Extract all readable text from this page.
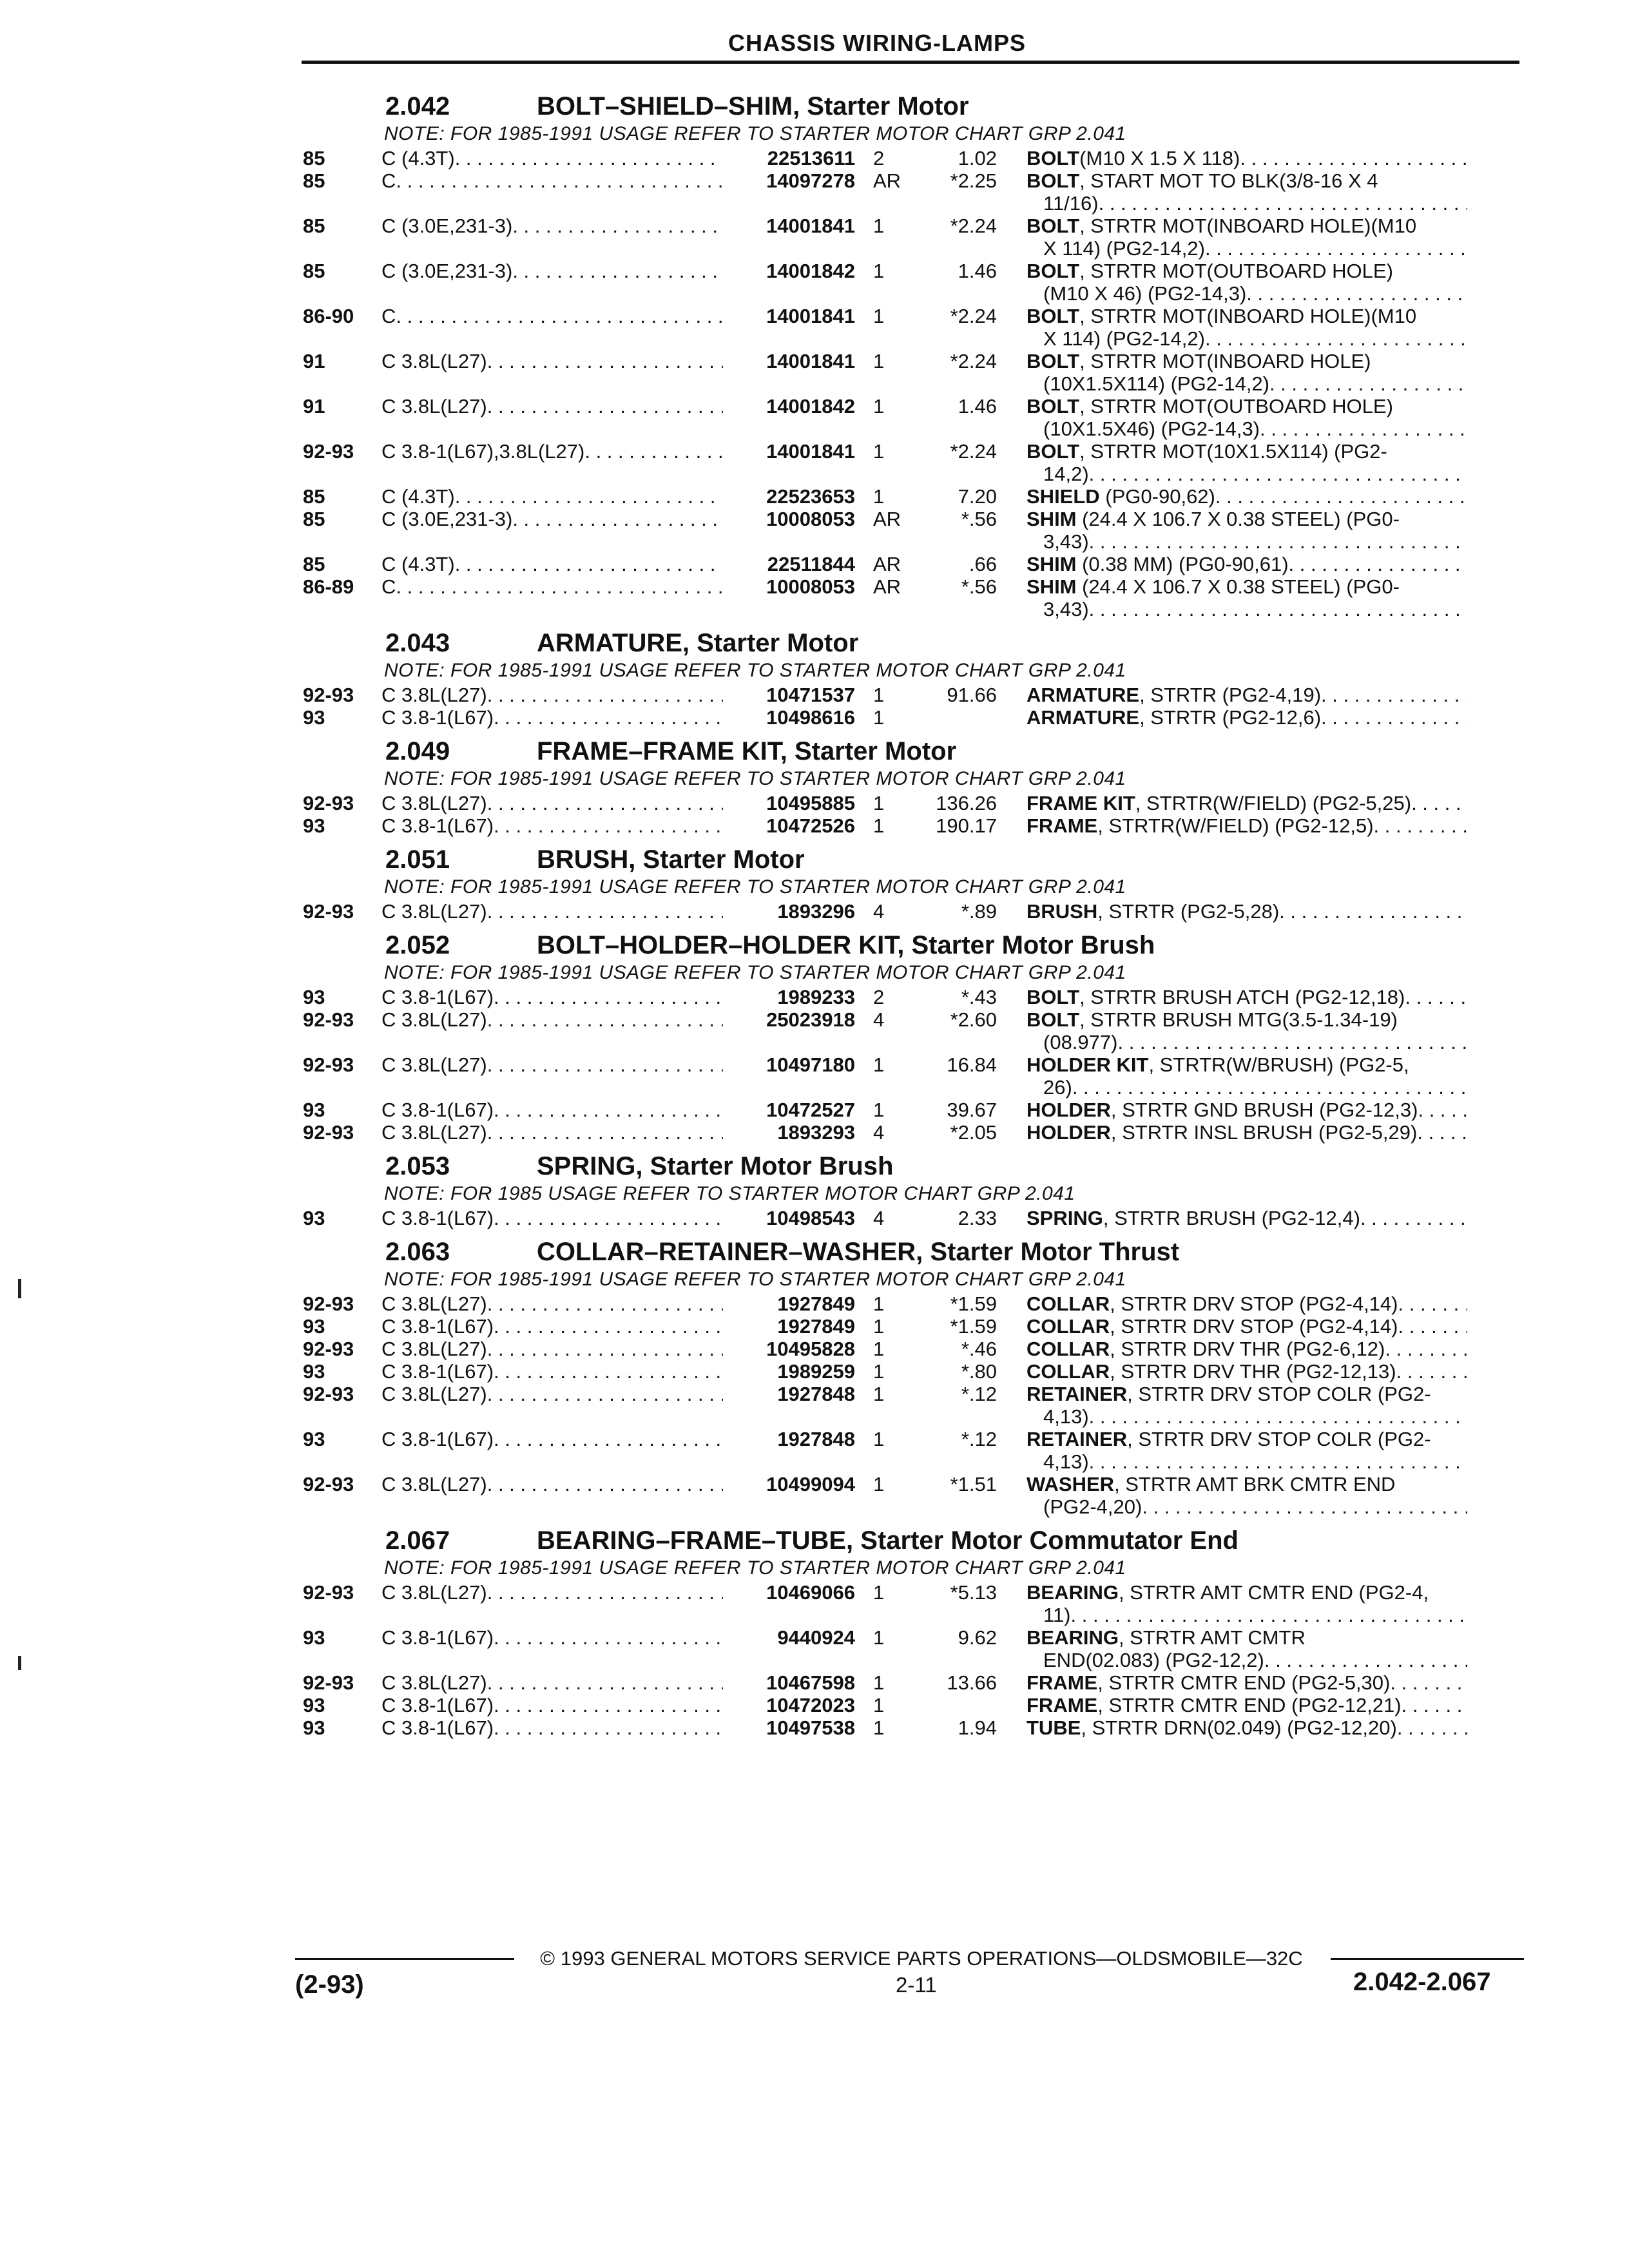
CHASSIS WIRING-LAMPS
2.042	BOLT–SHIELD–SHIM, Starter Motor
NOTE: FOR 1985-1991 USAGE REFER TO STARTER MOTOR CHART GRP 2.041
85	C (4.3T) . . .	22513611 2	1.02 BOLT (M10 X 1.5 X 118)
. . .
85	C . . .	14097278 AR	*2.25 BOLT , START MOT TO BLK(3/8-16 X 4
11/16)
. . .
85	C (3.0E,231-3) . . .	14001841 1	*2.24 BOLT , STRTR MOT(INBOARD HOLE)(M10
X 114) (PG2-14,2)
. . .
85	C (3.0E,231-3) . . .	14001842 1	1.46 BOLT , STRTR MOT(OUTBOARD HOLE)
(M10 X 46) (PG2-14,3)
. . .
86-90	C . . .	14001841 1	*2.24 BOLT , STRTR MOT(INBOARD HOLE)(M10
X 114) (PG2-14,2)
. . .
91	C 3.8L(L27) . . .	14001841 1	*2.24 BOLT , STRTR MOT(INBOARD HOLE)
(10X1.5X114) (PG2-14,2)
. . .
91	C 3.8L(L27) . . .	14001842 1	1.46 BOLT , STRTR MOT(OUTBOARD HOLE)
(10X1.5X46) (PG2-14,3)
. . .
92-93	C 3.8-1(L67),3.8L(L27) . . .	14001841 1	*2.24 BOLT , STRTR MOT(10X1.5X114) (PG2-
14,2)
. . .
85	C (4.3T) . . .	22523653 1	7.20 SHIELD (PG0-90,62)
. . .
85	C (3.0E,231-3) . . .	10008053 AR	*.56 SHIM (24.4 X 106.7 X 0.38 STEEL) (PG0-
3,43)
. . .
85	C (4.3T) . . .	22511844 AR	.66 SHIM (0.38 MM) (PG0-90,61)
. . .
86-89	C . . .	10008053 AR	*.56 SHIM (24.4 X 106.7 X 0.38 STEEL) (PG0-
3,43)
. . .
2.043	ARMATURE, Starter Motor
NOTE: FOR 1985-1991 USAGE REFER TO STARTER MOTOR CHART GRP 2.041
92-93	C 3.8L(L27) . . .	10471537 1	91.66 ARMATURE , STRTR (PG2-4,19)
. . .
93	C 3.8-1(L67) . . .	10498616 1	ARMATURE , STRTR (PG2-12,6)
. . .
2.049	FRAME–FRAME KIT, Starter Motor
NOTE: FOR 1985-1991 USAGE REFER TO STARTER MOTOR CHART GRP 2.041
92-93	C 3.8L(L27) . . .	10495885 1	136.26 FRAME KIT , STRTR(W/FIELD) (PG2-5,25)
. . .
93	C 3.8-1(L67) . . .	10472526 1	190.17 FRAME , STRTR(W/FIELD) (PG2-12,5)
. . .
2.051	BRUSH, Starter Motor
NOTE: FOR 1985-1991 USAGE REFER TO STARTER MOTOR CHART GRP 2.041
92-93	C 3.8L(L27) . . .	1893296 4	*.89 BRUSH , STRTR (PG2-5,28)
. . .
2.052	BOLT–HOLDER–HOLDER KIT, Starter Motor Brush
NOTE: FOR 1985-1991 USAGE REFER TO STARTER MOTOR CHART GRP 2.041
93	C 3.8-1(L67) . . .	1989233 2	*.43 BOLT , STRTR BRUSH ATCH (PG2-12,18)
. . .
92-93	C 3.8L(L27) . . .	25023918 4	*2.60 BOLT , STRTR BRUSH MTG(3.5-1.34-19)
(08.977)
. . .
92-93	C 3.8L(L27) . . .	10497180 1	16.84 HOLDER KIT , STRTR(W/BRUSH) (PG2-5,
26)
. . .
93	C 3.8-1(L67) . . .	10472527 1	39.67 HOLDER , STRTR GND BRUSH (PG2-12,3)
. . .
92-93	C 3.8L(L27) . . .	1893293 4	*2.05 HOLDER , STRTR INSL BRUSH (PG2-5,29)
. . .
2.053	SPRING, Starter Motor Brush
NOTE: FOR 1985 USAGE REFER TO STARTER MOTOR CHART GRP 2.041
93	C 3.8-1(L67) . . .	10498543 4	2.33 SPRING , STRTR BRUSH (PG2-12,4)
. . .
2.063	COLLAR–RETAINER–WASHER, Starter Motor Thrust
NOTE: FOR 1985-1991 USAGE REFER TO STARTER MOTOR CHART GRP 2.041
92-93	C 3.8L(L27) . . .	1927849 1	*1.59 COLLAR , STRTR DRV STOP (PG2-4,14)
. . .
93	C 3.8-1(L67) . . .	1927849 1	*1.59 COLLAR , STRTR DRV STOP (PG2-4,14)
. . .
92-93	C 3.8L(L27) . . .	10495828 1	*.46 COLLAR , STRTR DRV THR (PG2-6,12)
. . .
93	C 3.8-1(L67) . . .	1989259 1	*.80 COLLAR , STRTR DRV THR (PG2-12,13)
. . .
92-93	C 3.8L(L27) . . .	1927848 1	*.12 RETAINER , STRTR DRV STOP COLR (PG2-
4,13)
. . .
93	C 3.8-1(L67) . . .	1927848 1	*.12 RETAINER , STRTR DRV STOP COLR (PG2-
4,13)
. . .
92-93	C 3.8L(L27) . . .	10499094 1	*1.51 WASHER , STRTR AMT BRK CMTR END
(PG2-4,20)
. . .
2.067	BEARING–FRAME–TUBE, Starter Motor Commutator End
NOTE: FOR 1985-1991 USAGE REFER TO STARTER MOTOR CHART GRP 2.041
92-93	C 3.8L(L27) . . .	10469066 1	*5.13 BEARING , STRTR AMT CMTR END (PG2-4,
11)
. . .
93	C 3.8-1(L67) . . .	9440924 1	9.62 BEARING , STRTR AMT CMTR
END(02.083) (PG2-12,2)
. . .
92-93	C 3.8L(L27) . . .	10467598 1	13.66 FRAME , STRTR CMTR END (PG2-5,30)
. . .
93	C 3.8-1(L67) . . .	10472023 1	FRAME , STRTR CMTR END (PG2-12,21)
. . .
93	C 3.8-1(L67) . . .	10497538 1	1.94 TUBE , STRTR DRN(02.049) (PG2-12,20)
. . .
© 1993 GENERAL MOTORS SERVICE PARTS OPERATIONS—OLDSMOBILE—32C
(2-93)	2-11	2.042-2.067
